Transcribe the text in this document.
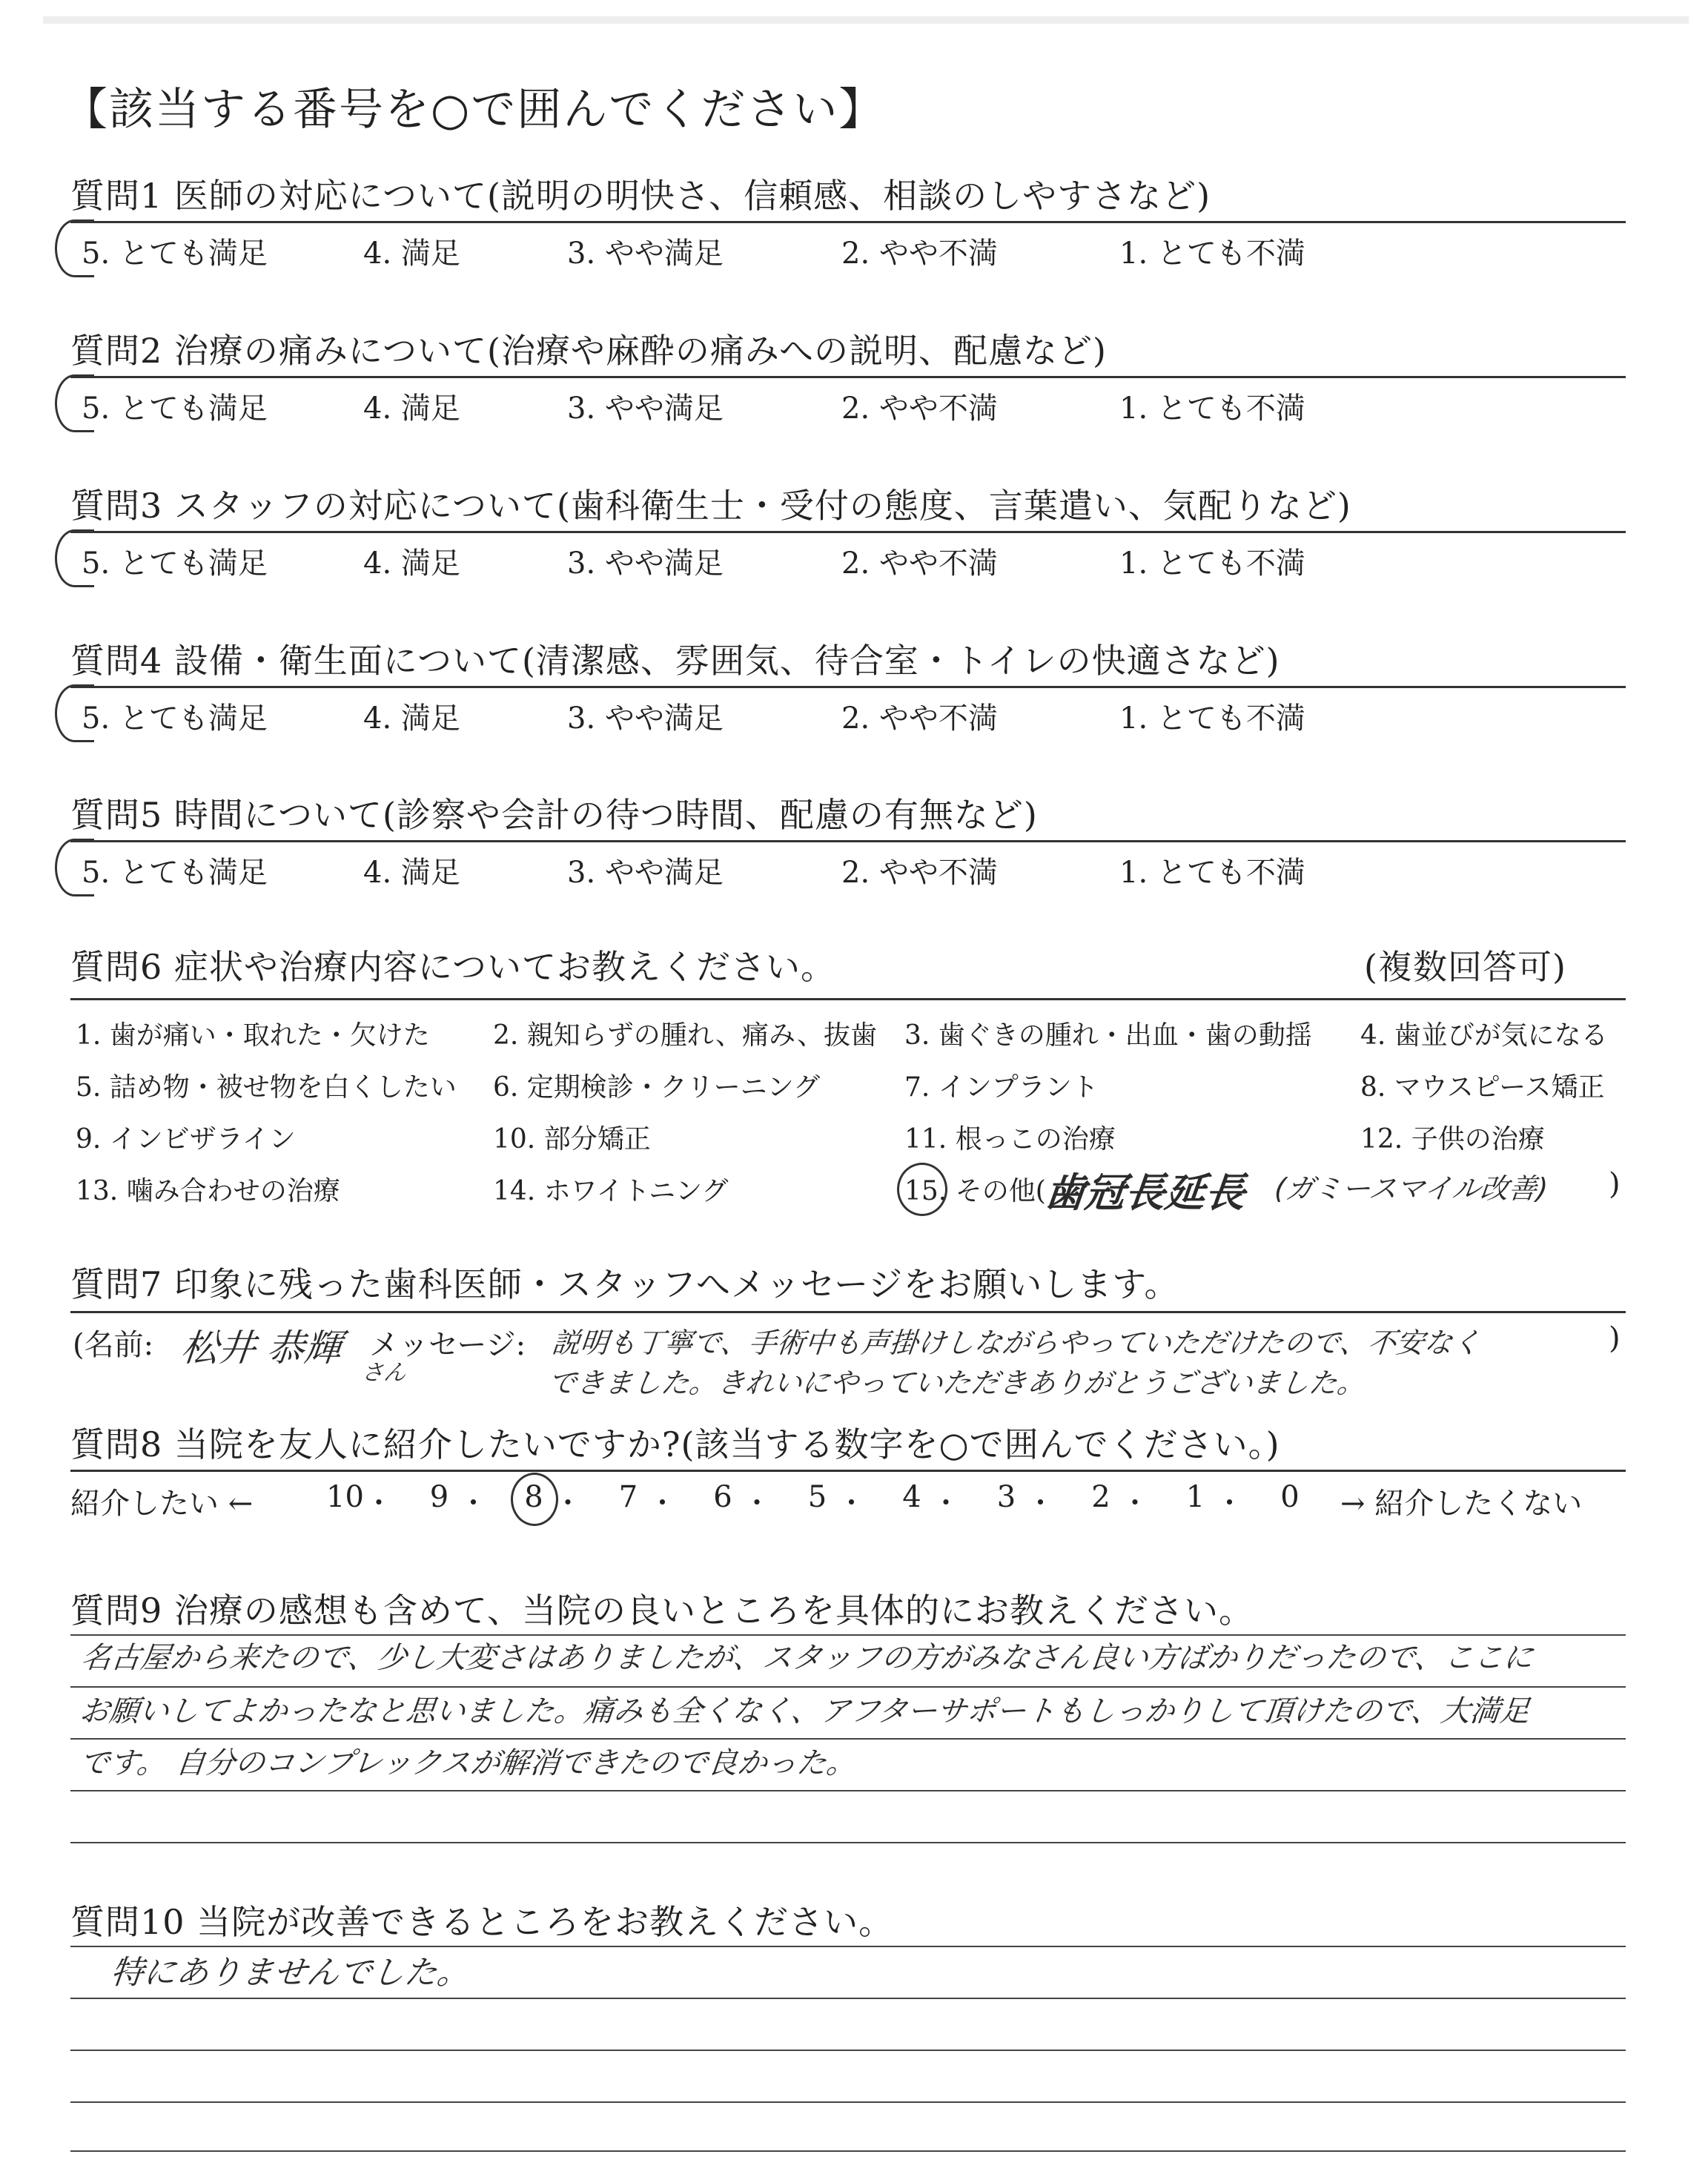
【該当する番号を○で囲んでください】
質問1 医師の対応について(説明の明快さ、信頼感、相談のしやすさなど)
5. とても満足	4. 満足	3. やや満足	2. やや不満	1. とても不満
質問2 治療の痛みについて(治療や麻酔の痛みへの説明、配慮など)
5. とても満足	4. 満足	3. やや満足	2. やや不満	1. とても不満
質問3 スタッフの対応について(歯科衛生士・受付の態度、言葉遣い、気配りなど)
5. とても満足	4. 満足	3. やや満足	2. やや不満	1. とても不満
質問4 設備・衛生面について(清潔感、雰囲気、待合室・トイレの快適さなど)
5. とても満足	4. 満足	3. やや満足	2. やや不満	1. とても不満
質問5 時間について(診察や会計の待つ時間、配慮の有無など)
5. とても満足	4. 満足	3. やや満足	2. やや不満	1. とても不満
質問6 症状や治療内容についてお教えください。	(複数回答可)
1. 歯が痛い・取れた・欠けた 2. 親知らずの腫れ、痛み、抜歯 3. 歯ぐきの腫れ・出血・歯の動揺 4. 歯並びが気になる
5. 詰め物・被せ物を白くしたい 6. 定期検診・クリーニング	7. インプラント	8. マウスピース矯正
9. インビザライン	10. 部分矯正	11. 根っこの治療	12. 子供の治療
13. 噛み合わせの治療	14. ホワイトニング	15. その他(
歯冠長延長 (ガミースマイル改善) )
質問7 印象に残った歯科医師・スタッフへメッセージをお願いします。
(名前: 松井 恭輝
さん
メッセージ: 説明も丁寧で、手術中も声掛けしながらやっていただけたので、不安なく
できました。きれいにやっていただきありがとうございました。
)
質問8 当院を友人に紹介したいですか?(該当する数字を○で囲んでください。)
紹介したい ← 10 ・	9 ・	8 ・	7 ・	6 ・	5 ・	4 ・	3 ・	2 ・	1 ・	0	→ 紹介したくない
質問9 治療の感想も含めて、当院の良いところを具体的にお教えください。
名古屋から来たので、少し大変さはありましたが、スタッフの方がみなさん良い方ばかりだったので、ここに
お願いしてよかったなと思いました。痛みも全くなく、アフターサポートもしっかりして頂けたので、大満足
です。 自分のコンプレックスが解消できたので良かった。
質問10 当院が改善できるところをお教えください。
特にありませんでした。
